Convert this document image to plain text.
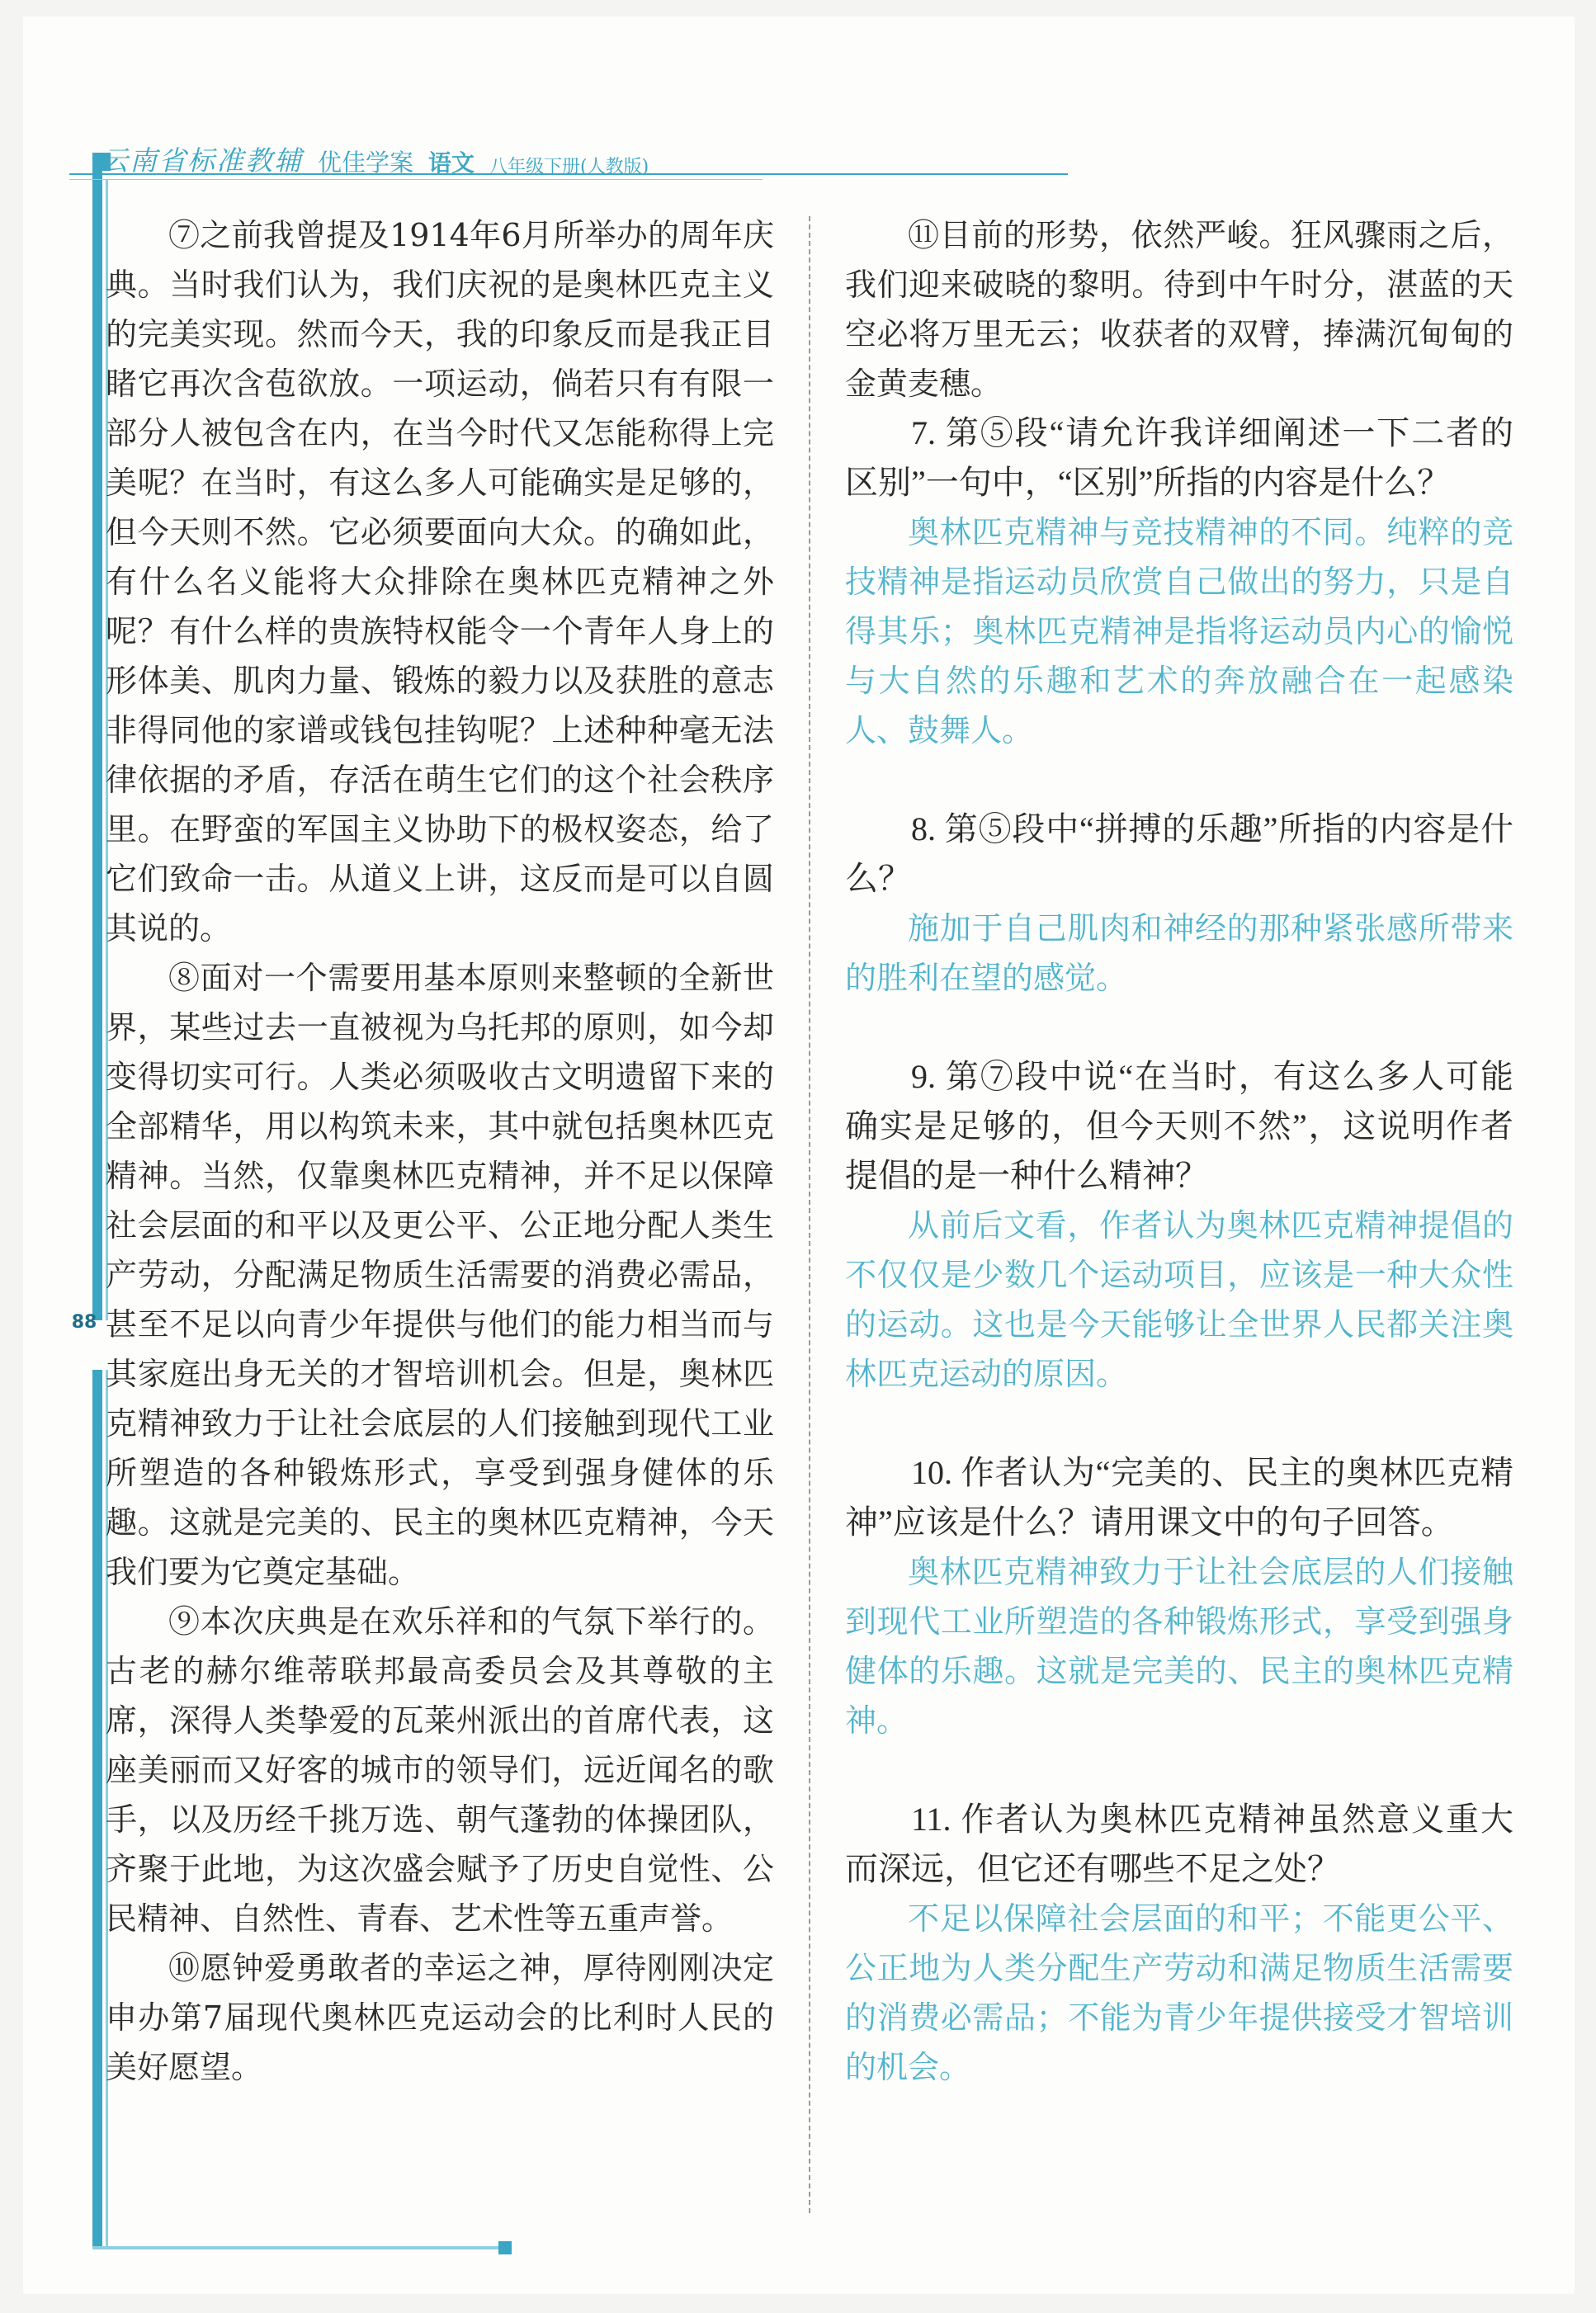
云南省标准教辅 优佳学案 语文 八年级下册(人教版)
88

⑦之前我曾提及1914年6月所举办的周年庆典。当时我们认为，我们庆祝的是奥林匹克主义的完美实现。然而今天，我的印象反而是我正目睹它再次含苞欲放。一项运动，倘若只有有限一部分人被包含在内，在当今时代又怎能称得上完美呢？在当时，有这么多人可能确实是足够的，但今天则不然。它必须要面向大众。的确如此，有什么名义能将大众排除在奥林匹克精神之外呢？有什么样的贵族特权能令一个青年人身上的形体美、肌肉力量、锻炼的毅力以及获胜的意志非得同他的家谱或钱包挂钩呢？上述种种毫无法律依据的矛盾，存活在萌生它们的这个社会秩序里。在野蛮的军国主义协助下的极权姿态，给了它们致命一击。从道义上讲，这反而是可以自圆其说的。

⑧面对一个需要用基本原则来整顿的全新世界，某些过去一直被视为乌托邦的原则，如今却变得切实可行。人类必须吸收古文明遗留下来的全部精华，用以构筑未来，其中就包括奥林匹克精神。当然，仅靠奥林匹克精神，并不足以保障社会层面的和平以及更公平、公正地分配人类生产劳动，分配满足物质生活需要的消费必需品，甚至不足以向青少年提供与他们的能力相当而与其家庭出身无关的才智培训机会。但是，奥林匹克精神致力于让社会底层的人们接触到现代工业所塑造的各种锻炼形式，享受到强身健体的乐趣。这就是完美的、民主的奥林匹克精神，今天我们要为它奠定基础。

⑨本次庆典是在欢乐祥和的气氛下举行的。古老的赫尔维蒂联邦最高委员会及其尊敬的主席，深得人类挚爱的瓦莱州派出的首席代表，这座美丽而又好客的城市的领导们，远近闻名的歌手，以及历经千挑万选、朝气蓬勃的体操团队，齐聚于此地，为这次盛会赋予了历史自觉性、公民精神、自然性、青春、艺术性等五重声誉。

⑩愿钟爱勇敢者的幸运之神，厚待刚刚决定申办第7届现代奥林匹克运动会的比利时人民的美好愿望。

⑪目前的形势，依然严峻。狂风骤雨之后，我们迎来破晓的黎明。待到中午时分，湛蓝的天空必将万里无云；收获者的双臂，捧满沉甸甸的金黄麦穗。

7. 第⑤段“请允许我详细阐述一下二者的区别”一句中，“区别”所指的内容是什么？

奥林匹克精神与竞技精神的不同。纯粹的竞技精神是指运动员欣赏自己做出的努力，只是自得其乐；奥林匹克精神是指将运动员内心的愉悦与大自然的乐趣和艺术的奔放融合在一起感染人、鼓舞人。

8. 第⑤段中“拼搏的乐趣”所指的内容是什么？

施加于自己肌肉和神经的那种紧张感所带来的胜利在望的感觉。

9. 第⑦段中说“在当时，有这么多人可能确实是足够的，但今天则不然”，这说明作者提倡的是一种什么精神？

从前后文看，作者认为奥林匹克精神提倡的不仅仅是少数几个运动项目，应该是一种大众性的运动。这也是今天能够让全世界人民都关注奥林匹克运动的原因。

10. 作者认为“完美的、民主的奥林匹克精神”应该是什么？请用课文中的句子回答。

奥林匹克精神致力于让社会底层的人们接触到现代工业所塑造的各种锻炼形式，享受到强身健体的乐趣。这就是完美的、民主的奥林匹克精神。

11. 作者认为奥林匹克精神虽然意义重大而深远，但它还有哪些不足之处？

不足以保障社会层面的和平；不能更公平、公正地为人类分配生产劳动和满足物质生活需要的消费必需品；不能为青少年提供接受才智培训的机会。
